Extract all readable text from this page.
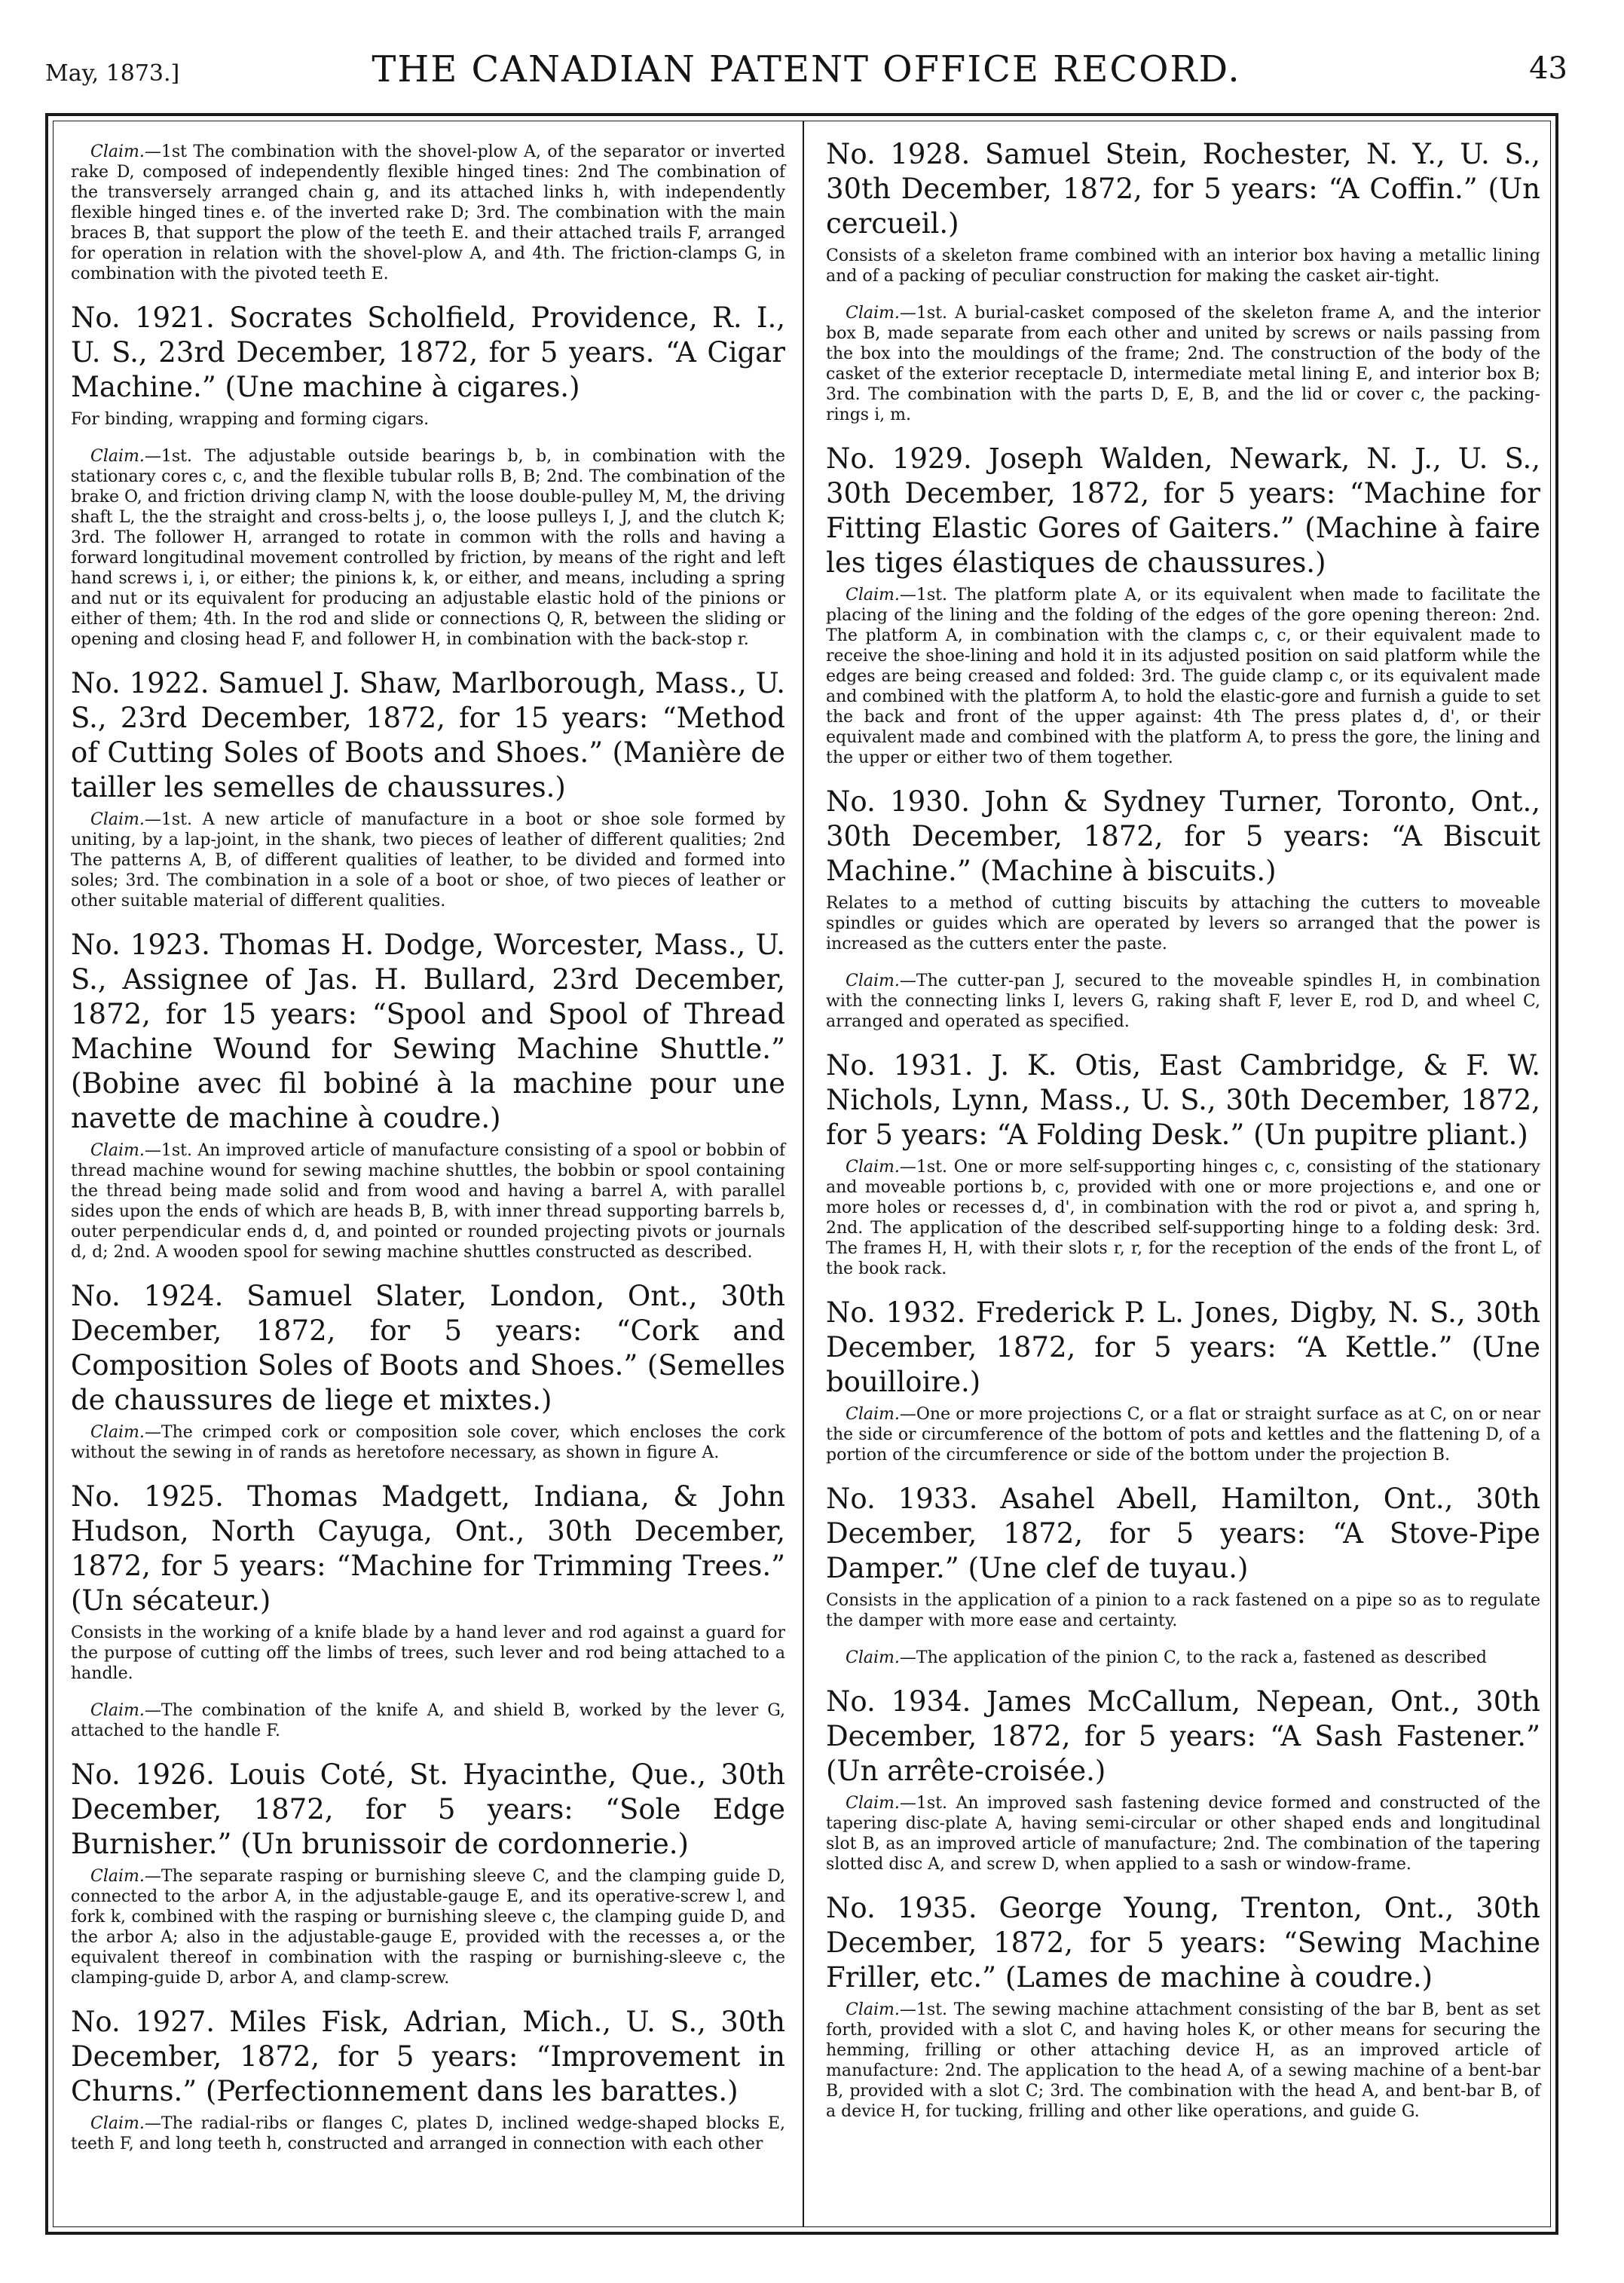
May, 1873.]	THE CANADIAN PATENT OFFICE RECORD.	43

Claim.—1st The combination with the shovel-plow A, of the separator or inverted rake D, composed of independently flexible hinged tines: 2nd The combination of the transversely arranged chain g, and its attached links h, with independently flexible hinged tines e. of the inverted rake D; 3rd. The combination with the main braces B, that support the plow of the teeth E. and their attached trails F, arranged for operation in relation with the shovel-plow A, and 4th. The friction-clamps G, in combination with the pivoted teeth E.

No. 1921. Socrates Scholfield, Providence, R. I., U. S., 23rd December, 1872, for 5 years. “A Cigar Machine.” (Une machine à cigares.)

For binding, wrapping and forming cigars.

Claim.—1st. The adjustable outside bearings b, b, in combination with the stationary cores c, c, and the flexible tubular rolls B, B; 2nd. The combination of the brake O, and friction driving clamp N, with the loose double-pulley M, M, the driving shaft L, the the straight and cross-belts j, o, the loose pulleys I, J, and the clutch K; 3rd. The follower H, arranged to rotate in common with the rolls and having a forward longitudinal movement controlled by friction, by means of the right and left hand screws i, i, or either; the pinions k, k, or either, and means, including a spring and nut or its equivalent for producing an adjustable elastic hold of the pinions or either of them; 4th. In the rod and slide or connections Q, R, between the sliding or opening and closing head F, and follower H, in combination with the back-stop r.

No. 1922. Samuel J. Shaw, Marlborough, Mass., U. S., 23rd December, 1872, for 15 years: “Method of Cutting Soles of Boots and Shoes.” (Manière de tailler les semelles de chaussures.)

Claim.—1st. A new article of manufacture in a boot or shoe sole formed by uniting, by a lap-joint, in the shank, two pieces of leather of different qualities; 2nd The patterns A, B, of different qualities of leather, to be divided and formed into soles; 3rd. The combination in a sole of a boot or shoe, of two pieces of leather or other suitable material of different qualities.

No. 1923. Thomas H. Dodge, Worcester, Mass., U. S., Assignee of Jas. H. Bullard, 23rd December, 1872, for 15 years: “Spool and Spool of Thread Machine Wound for Sewing Machine Shuttle.” (Bobine avec fil bobiné à la machine pour une navette de machine à coudre.)

Claim.—1st. An improved article of manufacture consisting of a spool or bobbin of thread machine wound for sewing machine shuttles, the bobbin or spool containing the thread being made solid and from wood and having a barrel A, with parallel sides upon the ends of which are heads B, B, with inner thread supporting barrels b, outer perpendicular ends d, d, and pointed or rounded projecting pivots or journals d, d; 2nd. A wooden spool for sewing machine shuttles constructed as described.

No. 1924. Samuel Slater, London, Ont., 30th December, 1872, for 5 years: “Cork and Composition Soles of Boots and Shoes.” (Semelles de chaussures de liege et mixtes.)

Claim.—The crimped cork or composition sole cover, which encloses the cork without the sewing in of rands as heretofore necessary, as shown in figure A.

No. 1925. Thomas Madgett, Indiana, & John Hudson, North Cayuga, Ont., 30th December, 1872, for 5 years: “Machine for Trimming Trees.” (Un sécateur.)

Consists in the working of a knife blade by a hand lever and rod against a guard for the purpose of cutting off the limbs of trees, such lever and rod being attached to a handle.

Claim.—The combination of the knife A, and shield B, worked by the lever G, attached to the handle F.

No. 1926. Louis Coté, St. Hyacinthe, Que., 30th December, 1872, for 5 years: “Sole Edge Burnisher.” (Un brunissoir de cordonnerie.)

Claim.—The separate rasping or burnishing sleeve C, and the clamping guide D, connected to the arbor A, in the adjustable-gauge E, and its operative-screw l, and fork k, combined with the rasping or burnishing sleeve c, the clamping guide D, and the arbor A; also in the adjustable-gauge E, provided with the recesses a, or the equivalent thereof in combination with the rasping or burnishing-sleeve c, the clamping-guide D, arbor A, and clamp-screw.

No. 1927. Miles Fisk, Adrian, Mich., U. S., 30th December, 1872, for 5 years: “Improvement in Churns.” (Perfectionnement dans les barattes.)

Claim.—The radial-ribs or flanges C, plates D, inclined wedge-shaped blocks E, teeth F, and long teeth h, constructed and arranged in connection with each other

No. 1928. Samuel Stein, Rochester, N. Y., U. S., 30th December, 1872, for 5 years: “A Coffin.” (Un cercueil.)

Consists of a skeleton frame combined with an interior box having a metallic lining and of a packing of peculiar construction for making the casket air-tight.

Claim.—1st. A burial-casket composed of the skeleton frame A, and the interior box B, made separate from each other and united by screws or nails passing from the box into the mouldings of the frame; 2nd. The construction of the body of the casket of the exterior receptacle D, intermediate metal lining E, and interior box B; 3rd. The combination with the parts D, E, B, and the lid or cover c, the packing-rings i, m.

No. 1929. Joseph Walden, Newark, N. J., U. S., 30th December, 1872, for 5 years: “Machine for Fitting Elastic Gores of Gaiters.” (Machine à faire les tiges élastiques de chaussures.)

Claim.—1st. The platform plate A, or its equivalent when made to facilitate the placing of the lining and the folding of the edges of the gore opening thereon: 2nd. The platform A, in combination with the clamps c, c, or their equivalent made to receive the shoe-lining and hold it in its adjusted position on said platform while the edges are being creased and folded: 3rd. The guide clamp c, or its equivalent made and combined with the platform A, to hold the elastic-gore and furnish a guide to set the back and front of the upper against: 4th The press plates d, d', or their equivalent made and combined with the platform A, to press the gore, the lining and the upper or either two of them together.

No. 1930. John & Sydney Turner, Toronto, Ont., 30th December, 1872, for 5 years: “A Biscuit Machine.” (Machine à biscuits.)

Relates to a method of cutting biscuits by attaching the cutters to moveable spindles or guides which are operated by levers so arranged that the power is increased as the cutters enter the paste.

Claim.—The cutter-pan J, secured to the moveable spindles H, in combination with the connecting links I, levers G, raking shaft F, lever E, rod D, and wheel C, arranged and operated as specified.

No. 1931. J. K. Otis, East Cambridge, & F. W. Nichols, Lynn, Mass., U. S., 30th December, 1872, for 5 years: “A Folding Desk.” (Un pupitre pliant.)

Claim.—1st. One or more self-supporting hinges c, c, consisting of the stationary and moveable portions b, c, provided with one or more projections e, and one or more holes or recesses d, d', in combination with the rod or pivot a, and spring h, 2nd. The application of the described self-supporting hinge to a folding desk: 3rd. The frames H, H, with their slots r, r, for the reception of the ends of the front L, of the book rack.

No. 1932. Frederick P. L. Jones, Digby, N. S., 30th December, 1872, for 5 years: “A Kettle.” (Une bouilloire.)

Claim.—One or more projections C, or a flat or straight surface as at C, on or near the side or circumference of the bottom of pots and kettles and the flattening D, of a portion of the circumference or side of the bottom under the projection B.

No. 1933. Asahel Abell, Hamilton, Ont., 30th December, 1872, for 5 years: “A Stove-Pipe Damper.” (Une clef de tuyau.)

Consists in the application of a pinion to a rack fastened on a pipe so as to regulate the damper with more ease and certainty.

Claim.—The application of the pinion C, to the rack a, fastened as described

No. 1934. James McCallum, Nepean, Ont., 30th December, 1872, for 5 years: “A Sash Fastener.” (Un arrête-croisée.)

Claim.—1st. An improved sash fastening device formed and constructed of the tapering disc-plate A, having semi-circular or other shaped ends and longitudinal slot B, as an improved article of manufacture; 2nd. The combination of the tapering slotted disc A, and screw D, when applied to a sash or window-frame.

No. 1935. George Young, Trenton, Ont., 30th December, 1872, for 5 years: “Sewing Machine Friller, etc.” (Lames de machine à coudre.)

Claim.—1st. The sewing machine attachment consisting of the bar B, bent as set forth, provided with a slot C, and having holes K, or other means for securing the hemming, frilling or other attaching device H, as an improved article of manufacture: 2nd. The application to the head A, of a sewing machine of a bent-bar B, provided with a slot C; 3rd. The combination with the head A, and bent-bar B, of a device H, for tucking, frilling and other like operations, and guide G.
